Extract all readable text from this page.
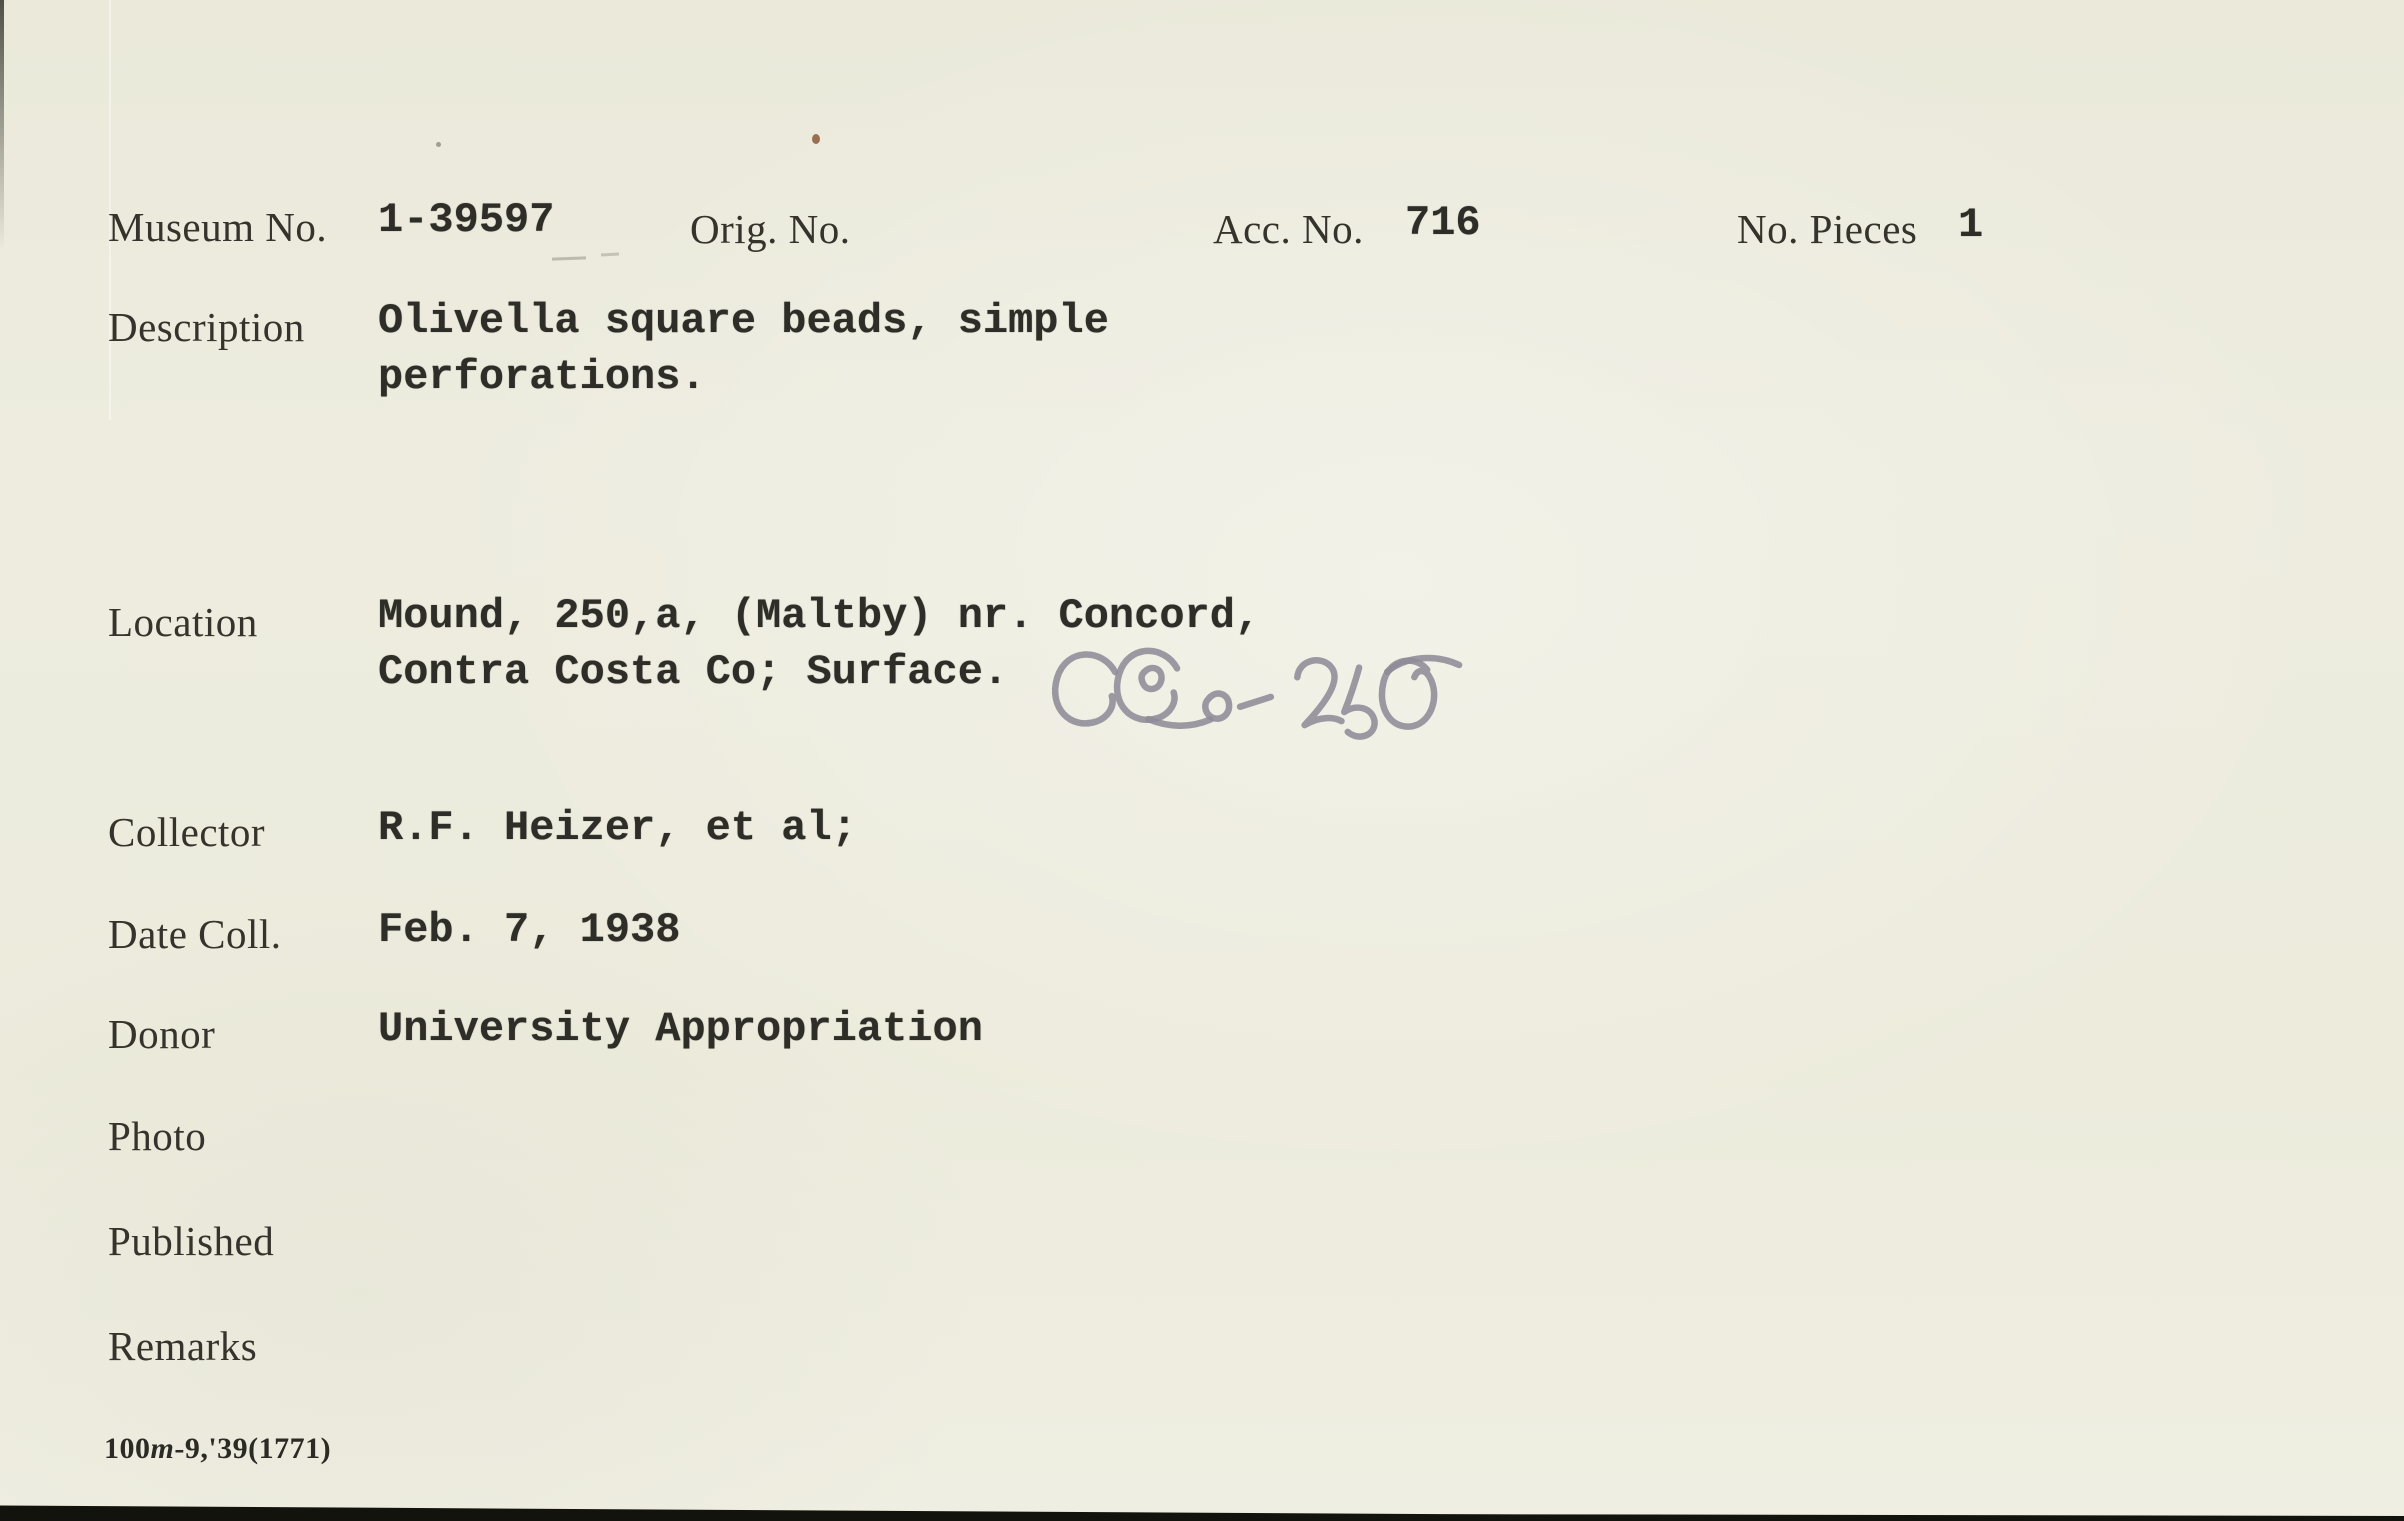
Museum No. 1-39597	Orig. No.	Acc. No. 716	No. Pieces 1
Description Olivella square beads, simple
perforations.
Location	Mound, 250,a, (Maltby) nr. Concord,
Contra Costa Co; Surface.
Collector	R.F. Heizer, et al;
Date Coll. Feb. 7, 1938
Donor	University Appropriation
Photo
Published
Remarks
100m-9,'39(1771)
